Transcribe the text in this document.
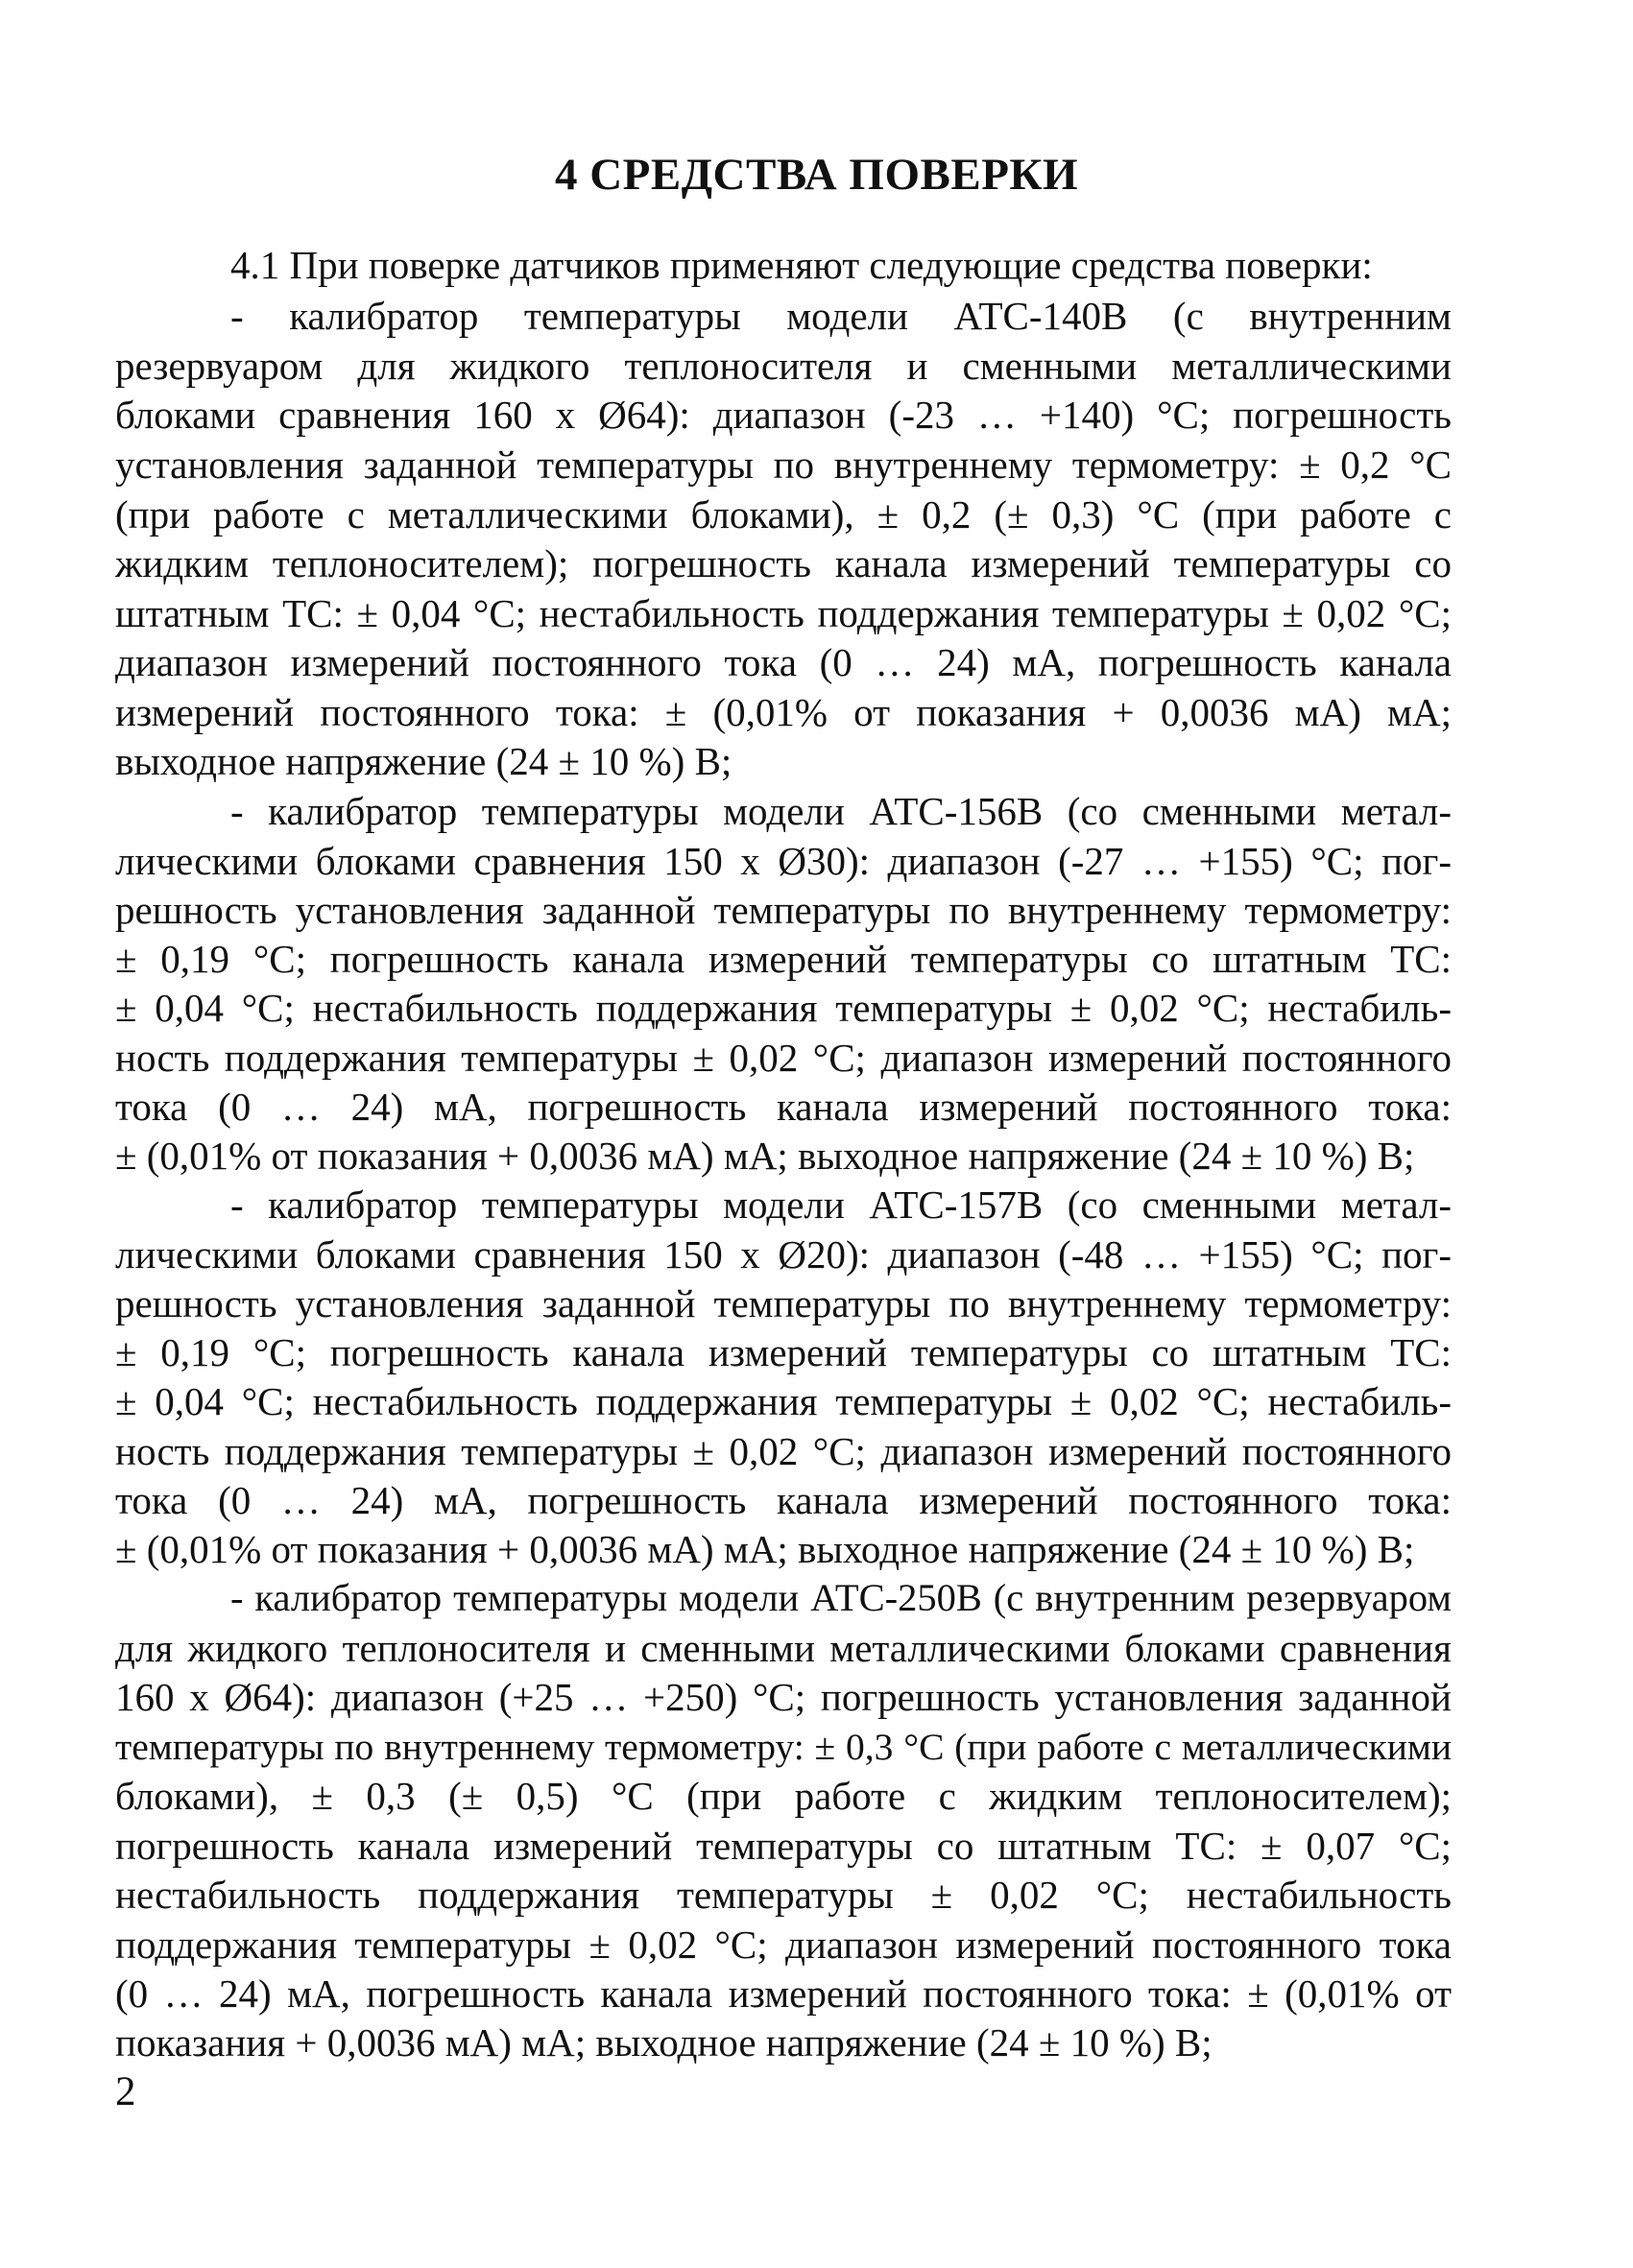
4 СРЕДСТВА ПОВЕРКИ
4.1 При поверке датчиков применяют следующие средства поверки:
- калибратор температуры модели АТС-140В (с внутренним
резервуаром для жидкого теплоносителя и сменными металлическими
блоками сравнения 160 х Ø64): диапазон (-23 … +140) °С; погрешность
установления заданной температуры по внутреннему термометру: ± 0,2 °С
(при работе с металлическими блоками), ± 0,2 (± 0,3) °С (при работе с
жидким теплоносителем); погрешность канала измерений температуры со
штатным ТС: ± 0,04 °С; нестабильность поддержания температуры ± 0,02 °С;
диапазон измерений постоянного тока (0 … 24) мА, погрешность канала
измерений постоянного тока: ± (0,01% от показания + 0,0036 мА) мА;
выходное напряжение (24 ± 10 %) В;
- калибратор температуры модели АТС-156В (со сменными метал-
лическими блоками сравнения 150 х Ø30): диапазон (-27 … +155) °С; пог-
решность установления заданной температуры по внутреннему термометру:
± 0,19 °С; погрешность канала измерений температуры со штатным ТС:
± 0,04 °С; нестабильность поддержания температуры ± 0,02 °С; нестабиль-
ность поддержания температуры ± 0,02 °С; диапазон измерений постоянного
тока (0 … 24) мА, погрешность канала измерений постоянного тока:
± (0,01% от показания + 0,0036 мА) мА; выходное напряжение (24 ± 10 %) В;
- калибратор температуры модели АТС-157В (со сменными метал-
лическими блоками сравнения 150 х Ø20): диапазон (-48 … +155) °С; пог-
решность установления заданной температуры по внутреннему термометру:
± 0,19 °С; погрешность канала измерений температуры со штатным ТС:
± 0,04 °С; нестабильность поддержания температуры ± 0,02 °С; нестабиль-
ность поддержания температуры ± 0,02 °С; диапазон измерений постоянного
тока (0 … 24) мА, погрешность канала измерений постоянного тока:
± (0,01% от показания + 0,0036 мА) мА; выходное напряжение (24 ± 10 %) В;
- калибратор температуры модели АТС-250В (с внутренним резервуаром
для жидкого теплоносителя и сменными металлическими блоками сравнения
160 х Ø64): диапазон (+25 … +250) °С; погрешность установления заданной
температуры по внутреннему термометру: ± 0,3 °С (при работе с металлическими
блоками), ± 0,3 (± 0,5) °С (при работе с жидким теплоносителем);
погрешность канала измерений температуры со штатным ТС: ± 0,07 °С;
нестабильность поддержания температуры ± 0,02 °С; нестабильность
поддержания температуры ± 0,02 °С; диапазон измерений постоянного тока
(0 … 24) мА, погрешность канала измерений постоянного тока: ± (0,01% от
показания + 0,0036 мА) мА; выходное напряжение (24 ± 10 %) В;
2
